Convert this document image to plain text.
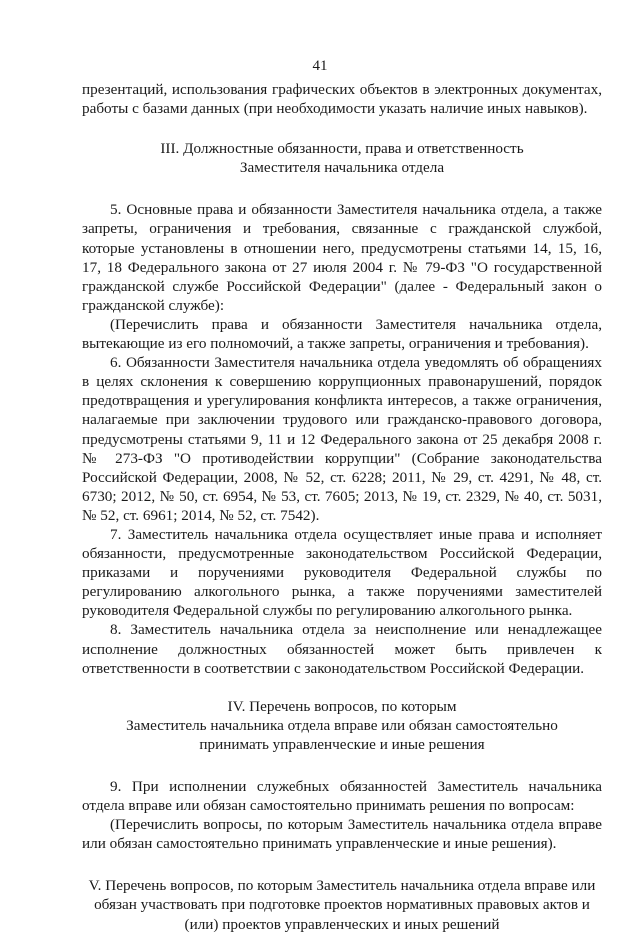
41

презентаций, использования графических объектов в электронных документах, работы с базами данных (при необходимости указать наличие иных навыков).

III. Должностные обязанности, права и ответственность

Заместителя начальника отдела

5. Основные права и обязанности Заместителя начальника отдела, а также запреты, ограничения и требования, связанные с гражданской службой, которые установлены в отношении него, предусмотрены статьями 14, 15, 16, 17, 18 Федерального закона от 27 июля 2004 г. № 79-ФЗ "О государственной гражданской службе Российской Федерации" (далее - Федеральный закон о гражданской службе):

(Перечислить права и обязанности Заместителя начальника отдела, вытекающие из его полномочий, а также запреты, ограничения и требования).

6. Обязанности Заместителя начальника отдела уведомлять об обращениях в целях склонения к совершению коррупционных правонарушений, порядок предотвращения и урегулирования конфликта интересов, а также ограничения, налагаемые при заключении трудового или гражданско-правового договора, предусмотрены статьями 9, 11 и 12 Федерального закона от 25 декабря 2008 г. № 273-ФЗ "О противодействии коррупции" (Собрание законодательства Российской Федерации, 2008, № 52, ст. 6228; 2011, № 29, ст. 4291, № 48, ст. 6730; 2012, № 50, ст. 6954, № 53, ст. 7605; 2013, № 19, ст. 2329, № 40, ст. 5031, № 52, ст. 6961; 2014, № 52, ст. 7542).

7. Заместитель начальника отдела осуществляет иные права и исполняет обязанности, предусмотренные законодательством Российской Федерации, приказами и поручениями руководителя Федеральной службы по регулированию алкогольного рынка, а также поручениями заместителей руководителя Федеральной службы по регулированию алкогольного рынка.

8. Заместитель начальника отдела за неисполнение или ненадлежащее исполнение должностных обязанностей может быть привлечен к ответственности в соответствии с законодательством Российской Федерации.

IV. Перечень вопросов, по которым

Заместитель начальника отдела вправе или обязан самостоятельно

принимать управленческие и иные решения

9. При исполнении служебных обязанностей Заместитель начальника отдела вправе или обязан самостоятельно принимать решения по вопросам:

(Перечислить вопросы, по которым Заместитель начальника отдела вправе или обязан самостоятельно принимать управленческие и иные решения).

V. Перечень вопросов, по которым Заместитель начальника отдела вправе или

обязан участвовать при подготовке проектов нормативных правовых актов и

(или) проектов управленческих и иных решений
